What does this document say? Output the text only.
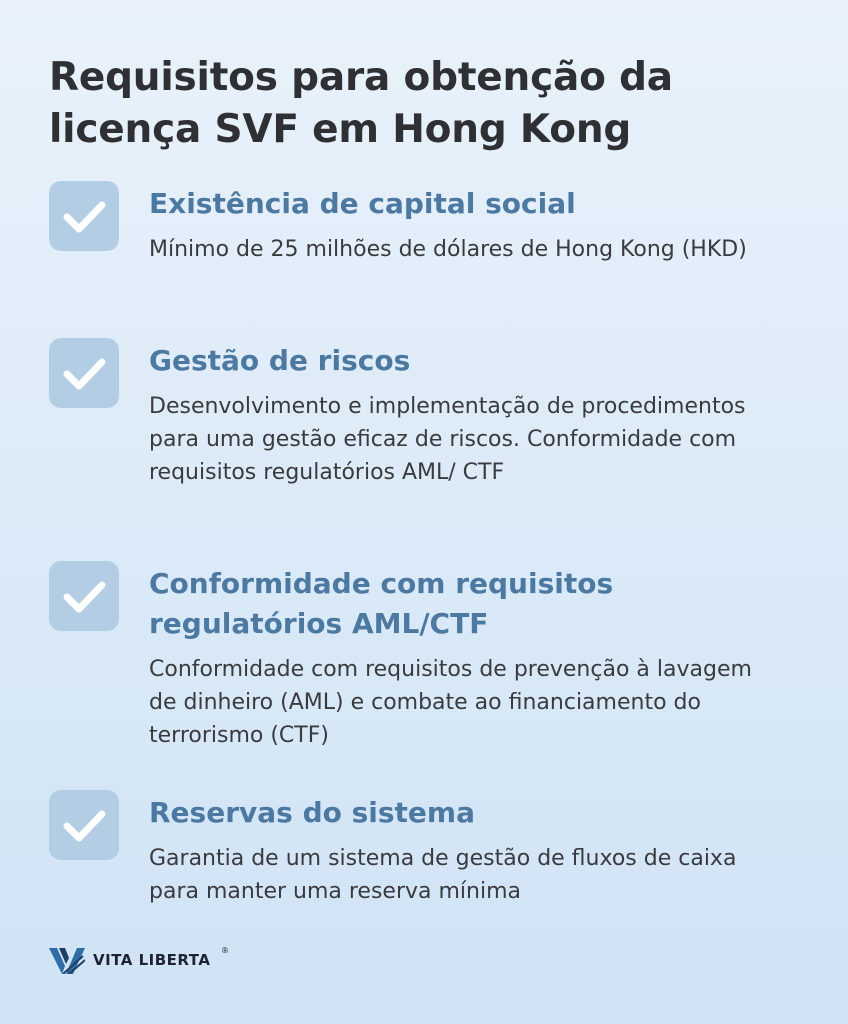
Requisitos para obtenção da licença SVF em Hong Kong
Existência de capital social

Mínimo de 25 milhões de dólares de Hong Kong (HKD)

Gestão de riscos

Desenvolvimento e implementação de procedimentos para uma gestão eficaz de riscos. Conformidade com requisitos regulatórios AML/ CTF

Conformidade com requisitos regulatórios AML/CTF

Conformidade com requisitos de prevenção à lavagem de dinheiro (AML) e combate ao financiamento do terrorismo (CTF)

Reservas do sistema

Garantia de um sistema de gestão de fluxos de caixa para manter uma reserva mínima

VITA LIBERTA
®
